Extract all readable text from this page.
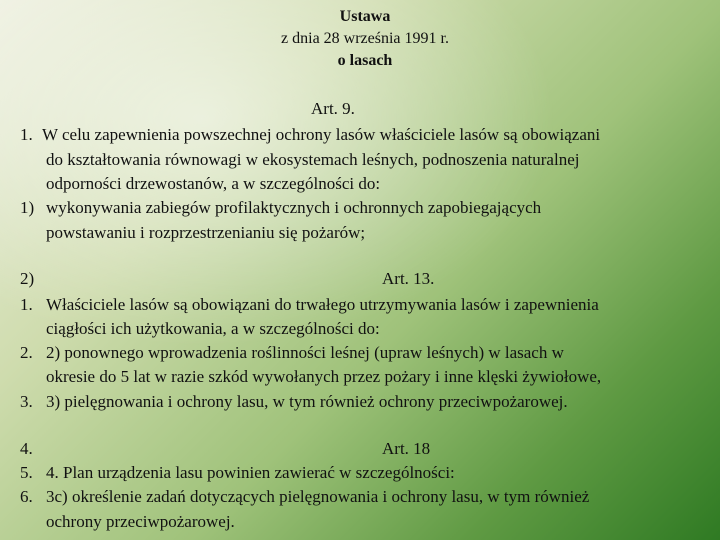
Ustawa
z dnia 28 września 1991 r.
o lasach
Art. 9.
1. W celu zapewnienia powszechnej ochrony lasów właściciele lasów są obowiązani
do kształtowania równowagi w ekosystemach leśnych, podnoszenia naturalnej
odporności drzewostanów, a w szczególności do:
1) wykonywania zabiegów profilaktycznych i ochronnych zapobiegających
powstawaniu i rozprzestrzenianiu się pożarów;
2)	Art. 13.
1. Właściciele lasów są obowiązani do trwałego utrzymywania lasów i zapewnienia
ciągłości ich użytkowania, a w szczególności do:
2. 2) ponownego wprowadzenia roślinności leśnej (upraw leśnych) w lasach w
okresie do 5 lat w razie szkód wywołanych przez pożary i inne klęski żywiołowe,
3. 3) pielęgnowania i ochrony lasu, w tym również ochrony przeciwpożarowej.
4.	Art. 18
5. 4. Plan urządzenia lasu powinien zawierać w szczególności:
6. 3c) określenie zadań dotyczących pielęgnowania i ochrony lasu, w tym również
ochrony przeciwpożarowej.
